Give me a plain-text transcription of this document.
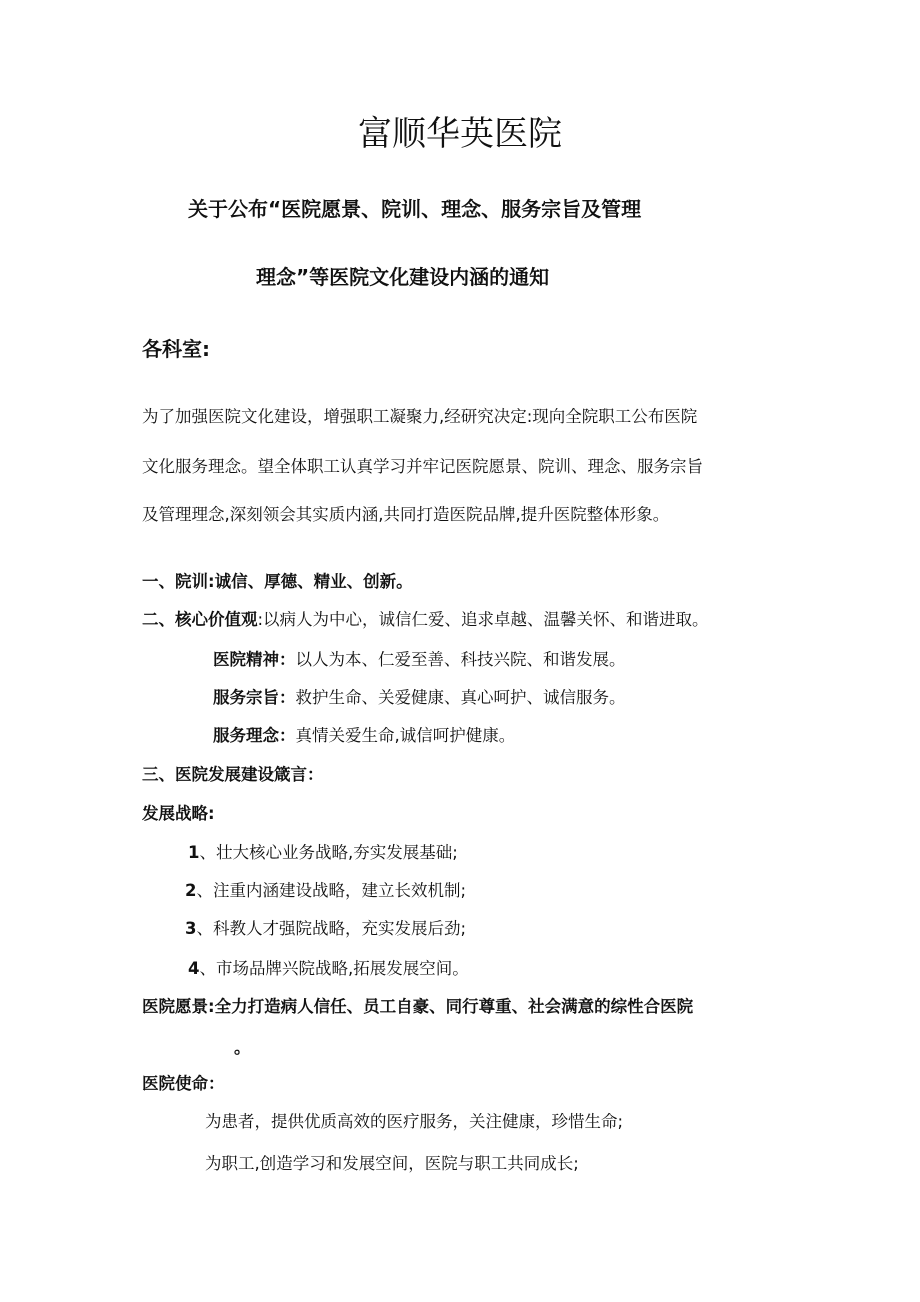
富顺华英医院
关于公布“医院愿景、院训、理念、服务宗旨及管理
理念”等医院文化建设内涵的通知
各科室:
为了加强医院文化建设，增强职工凝聚力,经研究决定:现向全院职工公布医院
文化服务理念。望全体职工认真学习并牢记医院愿景、院训、理念、服务宗旨
及管理理念,深刻领会其实质内涵,共同打造医院品牌,提升医院整体形象。
一、院训:诚信、厚德、精业、创新。
二、核心价值观:以病人为中心，诚信仁爱、追求卓越、温馨关怀、和谐进取。
医院精神：以人为本、仁爱至善、科技兴院、和谐发展。
服务宗旨：救护生命、关爱健康、真心呵护、诚信服务。
服务理念：真情关爱生命,诚信呵护健康。
三、医院发展建设箴言：
发展战略:
1、壮大核心业务战略,夯实发展基础;
2、注重内涵建设战略，建立长效机制;
3、科教人才强院战略，充实发展后劲;
4、市场品牌兴院战略,拓展发展空间。
医院愿景:全力打造病人信任、员工自豪、同行尊重、社会满意的综性合医院
。
医院使命：
为患者，提供优质高效的医疗服务，关注健康，珍惜生命;
为职工,创造学习和发展空间，医院与职工共同成长;
